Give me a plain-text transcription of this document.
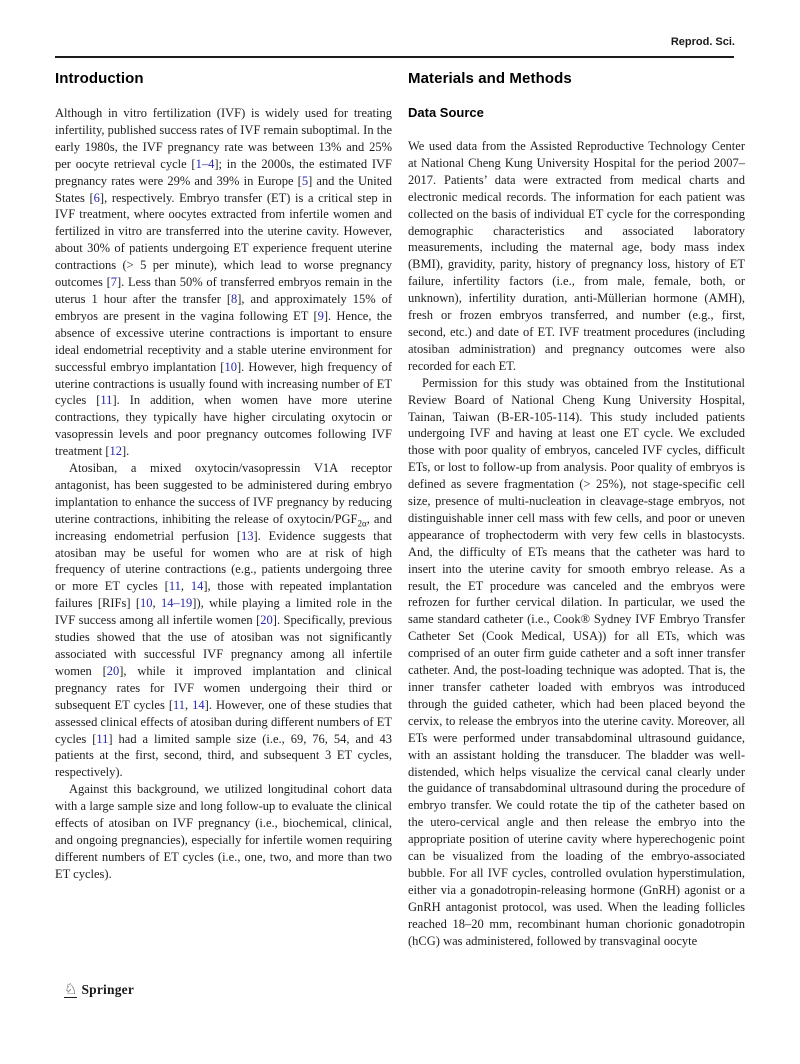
Reprod. Sci.
Introduction

Although in vitro fertilization (IVF) is widely used for treating infertility, published success rates of IVF remain suboptimal. In the early 1980s, the IVF pregnancy rate was between 13% and 25% per oocyte retrieval cycle [1–4]; in the 2000s, the estimated IVF pregnancy rates were 29% and 39% in Europe [5] and the United States [6], respectively. Embryo transfer (ET) is a critical step in IVF treatment, where oocytes extracted from infertile women and fertilized in vitro are transferred into the uterine cavity. However, about 30% of patients undergoing ET experience frequent uterine contractions (> 5 per minute), which lead to worse pregnancy outcomes [7]. Less than 50% of transferred embryos remain in the uterus 1 hour after the transfer [8], and approximately 15% of embryos are present in the vagina following ET [9]. Hence, the absence of excessive uterine contractions is important to ensure ideal endometrial receptivity and a stable uterine environment for successful embryo implantation [10]. However, high frequency of uterine contractions is usually found with increasing number of ET cycles [11]. In addition, when women have more uterine contractions, they typically have higher circulating oxytocin or vasopressin levels and poor pregnancy outcomes following IVF treatment [12].

Atosiban, a mixed oxytocin/vasopressin V1A receptor antagonist, has been suggested to be administered during embryo implantation to enhance the success of IVF pregnancy by reducing uterine contractions, inhibiting the release of oxytocin/$PGF_{2\alpha}$, and increasing endometrial perfusion [13]. Evidence suggests that atosiban may be useful for women who are at risk of high frequency of uterine contractions (e.g., patients undergoing three or more ET cycles [11, 14], those with repeated implantation failures [RIFs] [10, 14–19]), while playing a limited role in the IVF success among all infertile women [20]. Specifically, previous studies showed that the use of atosiban was not significantly associated with successful IVF pregnancy among all infertile women [20], while it improved implantation and clinical pregnancy rates for IVF women undergoing their third or subsequent ET cycles [11, 14]. However, one of these studies that assessed clinical effects of atosiban during different numbers of ET cycles [11] had a limited sample size (i.e., 69, 76, 54, and 43 patients at the first, second, third, and subsequent 3 ET cycles, respectively).

Against this background, we utilized longitudinal cohort data with a large sample size and long follow-up to evaluate the clinical effects of atosiban on IVF pregnancy (i.e., biochemical, clinical, and ongoing pregnancies), especially for infertile women requiring different numbers of ET cycles (i.e., one, two, and more than two ET cycles).

Materials and Methods
Data Source

We used data from the Assisted Reproductive Technology Center at National Cheng Kung University Hospital for the period 2007–2017. Patients’ data were extracted from medical charts and electronic medical records. The information for each patient was collected on the basis of individual ET cycle for the corresponding demographic characteristics and associated laboratory measurements, including the maternal age, body mass index (BMI), gravidity, parity, history of pregnancy loss, history of ET failure, infertility factors (i.e., from male, female, both, or unknown), infertility duration, anti-Müllerian hormone (AMH), fresh or frozen embryos transferred, and number (e.g., first, second, etc.) and date of ET. IVF treatment procedures (including atosiban administration) and pregnancy outcomes were also recorded for each ET.

Permission for this study was obtained from the Institutional Review Board of National Cheng Kung University Hospital, Tainan, Taiwan (B-ER-105-114). This study included patients undergoing IVF and having at least one ET cycle. We excluded those with poor quality of embryos, canceled IVF cycles, difficult ETs, or lost to follow-up from analysis. Poor quality of embryos is defined as severe fragmentation (> 25%), not stage-specific cell size, presence of multi-nucleation in cleavage-stage embryos, not distinguishable inner cell mass with few cells, and poor or uneven appearance of trophectoderm with very few cells in blastocysts. And, the difficulty of ETs means that the catheter was hard to insert into the uterine cavity for smooth embryo release. As a result, the ET procedure was canceled and the embryos were refrozen for further cervical dilation. In particular, we used the same standard catheter (i.e., Cook® Sydney IVF Embryo Transfer Catheter Set (Cook Medical, USA)) for all ETs, which was comprised of an outer firm guide catheter and a soft inner transfer catheter. And, the post-loading technique was adopted. That is, the inner transfer catheter loaded with embryos was introduced through the guided catheter, which had been placed beyond the cervix, to release the embryos into the uterine cavity. Moreover, all ETs were performed under transabdominal ultrasound guidance, with an assistant holding the transducer. The bladder was well-distended, which helps visualize the cervical canal clearly under the guidance of transabdominal ultrasound during the procedure of embryo transfer. We could rotate the tip of the catheter based on the utero-cervical angle and then release the embryo into the appropriate position of uterine cavity where hyperechogenic point can be visualized from the loading of the embryo-associated bubble. For all IVF cycles, controlled ovulation hyperstimulation, either via a gonadotropin-releasing hormone (GnRH) agonist or a GnRH antagonist protocol, was used. When the leading follicles reached 18–20 mm, recombinant human chorionic gonadotropin (hCG) was administered, followed by transvaginal oocyte

♘ Springer
